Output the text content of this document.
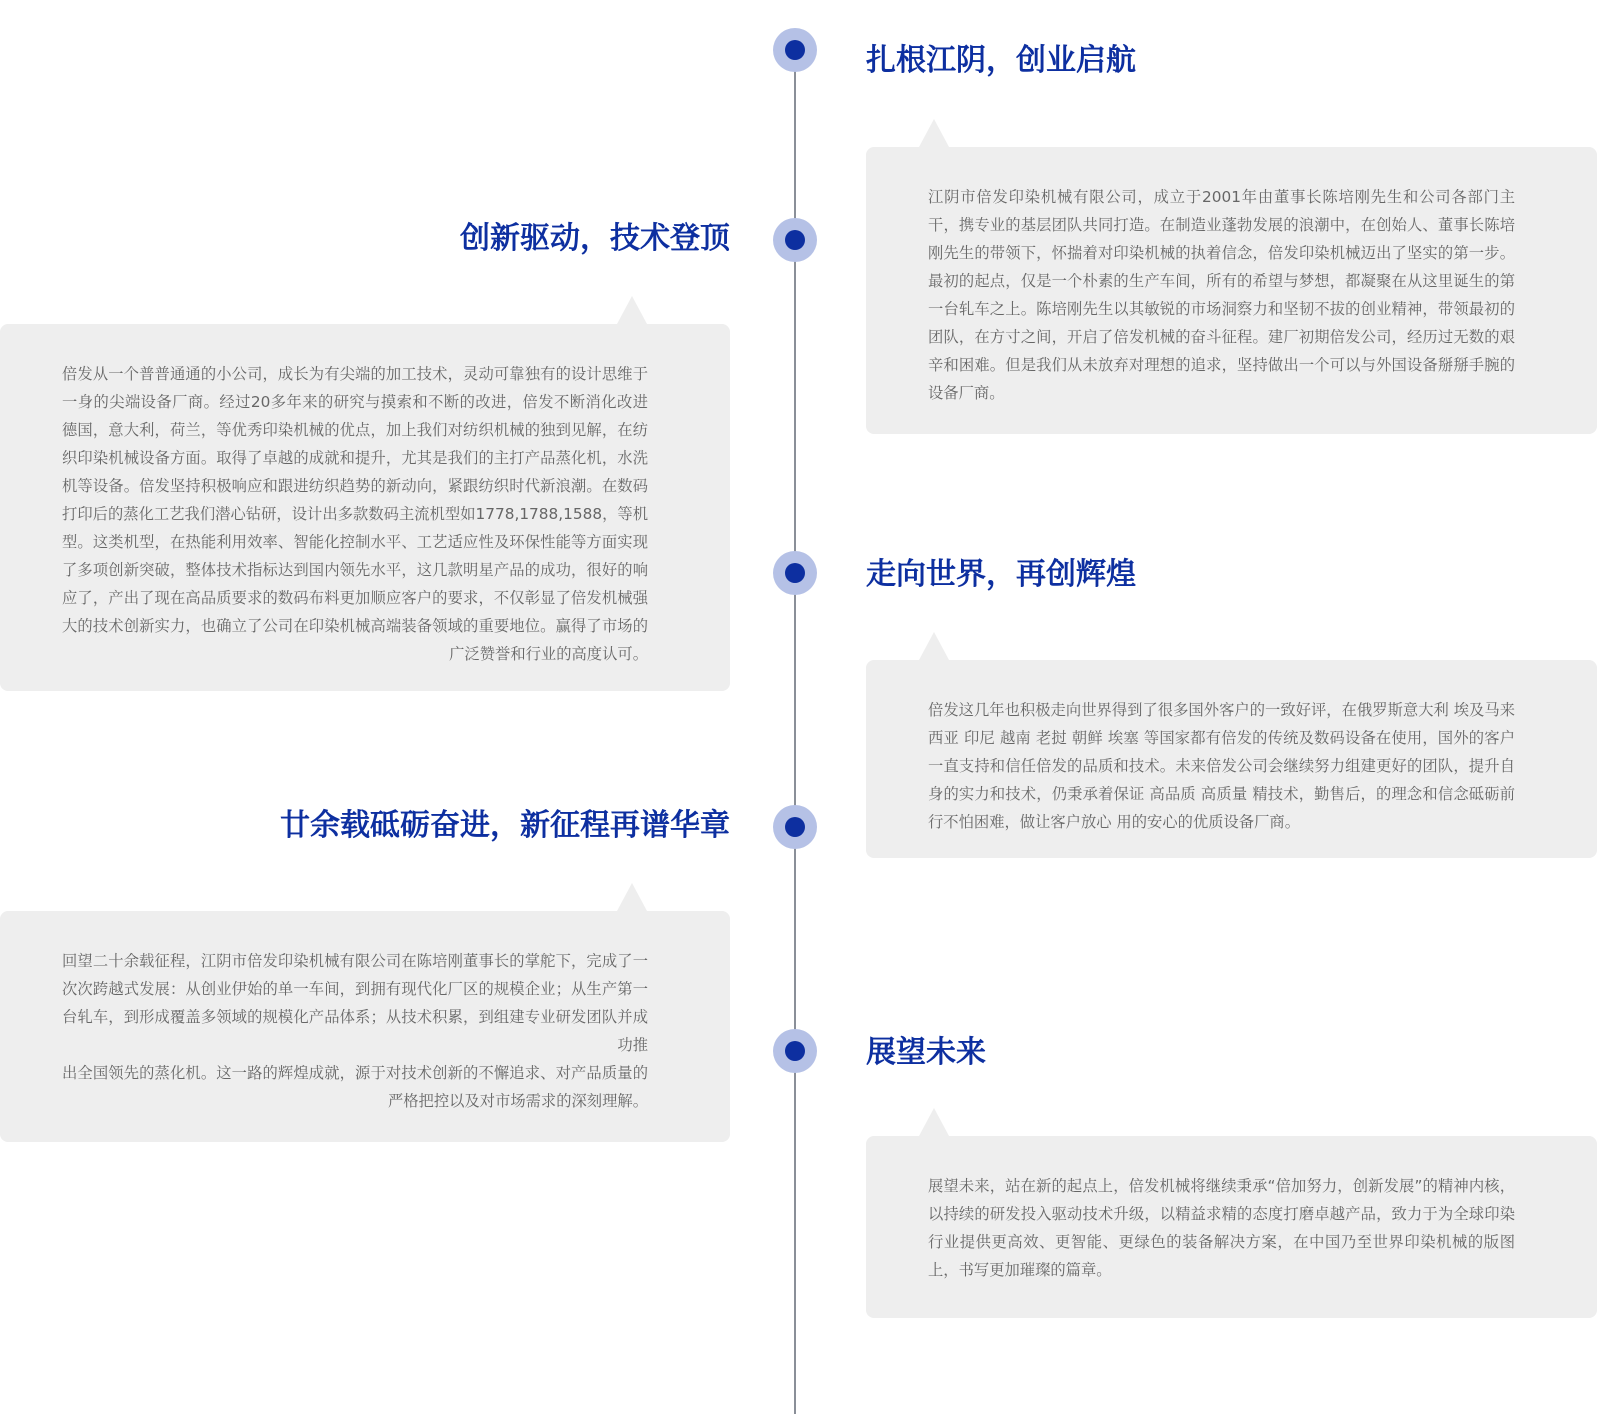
扎根江阴，创业启航

江阴市倍发印染机械有限公司，成立于2001年由董事长陈培刚先生和公司各部门主干，携专业的基层团队共同打造。在制造业蓬勃发展的浪潮中，在创始人、董事长陈培刚先生的带领下，怀揣着对印染机械的执着信念，倍发印染机械迈出了坚实的第一步。最初的起点，仅是一个朴素的生产车间，所有的希望与梦想，都凝聚在从这里诞生的第一台轧车之上。陈培刚先生以其敏锐的市场洞察力和坚韧不拔的创业精神，带领最初的团队，在方寸之间，开启了倍发机械的奋斗征程。建厂初期倍发公司，经历过无数的艰辛和困难。但是我们从未放弃对理想的追求，坚持做出一个可以与外国设备掰掰手腕的设备厂商。

创新驱动，技术登顶

倍发从一个普普通通的小公司，成长为有尖端的加工技术，灵动可靠独有的设计思维于一身的尖端设备厂商。经过20多年来的研究与摸索和不断的改进，倍发不断消化改进 德国，意大利，荷兰，等优秀印染机械的优点，加上我们对纺织机械的独到见解，在纺织印染机械设备方面。取得了卓越的成就和提升，尤其是我们的主打产品蒸化机，水洗机等设备。倍发坚持积极响应和跟进纺织趋势的新动向，紧跟纺织时代新浪潮。在数码打印后的蒸化工艺我们潜心钻研，设计出多款数码主流机型如1778,1788,1588，等机型。这类机型，在热能利用效率、智能化控制水平、工艺适应性及环保性能等方面实现了多项创新突破，整体技术指标达到国内领先水平，这几款明星产品的成功，很好的响应了，产出了现在高品质要求的数码布料更加顺应客户的要求，不仅彰显了倍发机械强大的技术创新实力，也确立了公司在印染机械高端装备领域的重要地位。赢得了市场的广泛赞誉和行业的高度认可。

走向世界，再创辉煌

倍发这几年也积极走向世界得到了很多国外客户的一致好评，在俄罗斯意大利 埃及马来西亚 印尼 越南 老挝 朝鲜 埃塞 等国家都有倍发的传统及数码设备在使用，国外的客户一直支持和信任倍发的品质和技术。未来倍发公司会继续努力组建更好的团队，提升自身的实力和技术，仍秉承着保证 高品质 高质量 精技术，勤售后，的理念和信念砥砺前行不怕困难，做让客户放心 用的安心的优质设备厂商。

廿余载砥砺奋进，新征程再谱华章

回望二十余载征程，江阴市倍发印染机械有限公司在陈培刚董事长的掌舵下，完成了一次次跨越式发展：从创业伊始的单一车间，到拥有现代化厂区的规模企业；从生产第一台轧车，到形成覆盖多领域的规模化产品体系；从技术积累，到组建专业研发团队并成功推

出全国领先的蒸化机。这一路的辉煌成就，源于对技术创新的不懈追求、对产品质量的严格把控以及对市场需求的深刻理解。

展望未来

展望未来，站在新的起点上，倍发机械将继续秉承“倍加努力，创新发展”的精神内核，以持续的研发投入驱动技术升级，以精益求精的态度打磨卓越产品，致力于为全球印染行业提供更高效、更智能、更绿色的装备解决方案，在中国乃至世界印染机械的版图上，书写更加璀璨的篇章。
